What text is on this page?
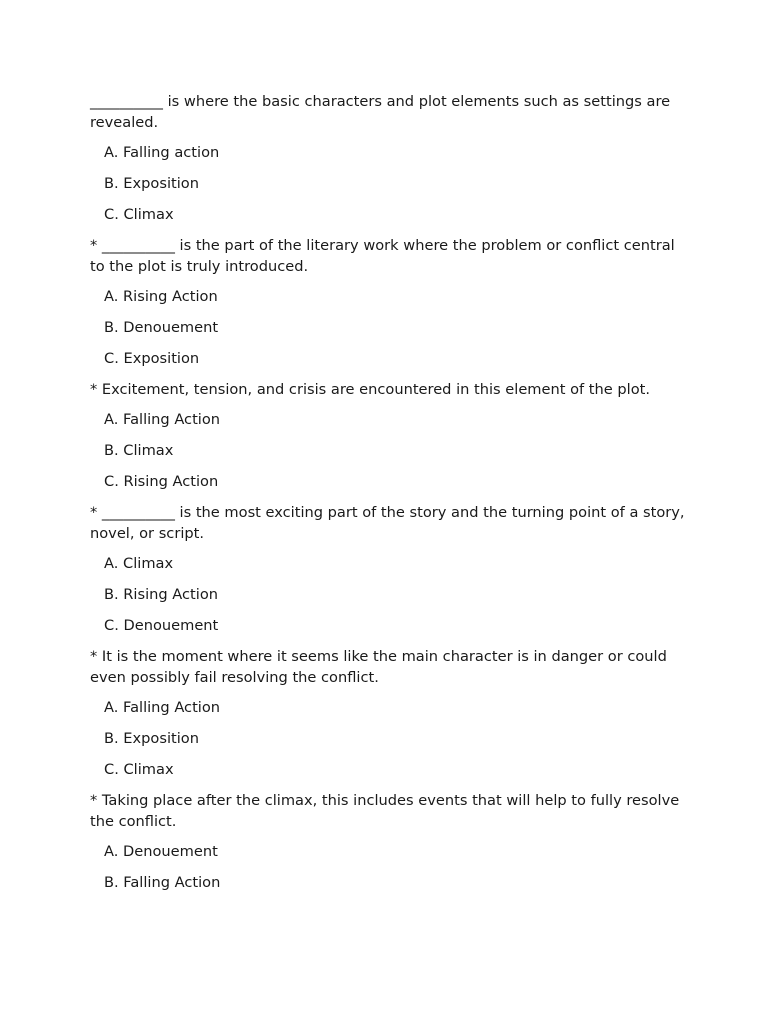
__________ is where the basic characters and plot elements such as settings are revealed.

A. Falling action
B. Exposition
C. Climax

* __________ is the part of the literary work where the problem or conflict central to the plot is truly introduced.

A. Rising Action
B. Denouement
C. Exposition

* Excitement, tension, and crisis are encountered in this element of the plot.

A. Falling Action
B. Climax
C. Rising Action

* __________ is the most exciting part of the story and the turning point of a story, novel, or script.

A. Climax
B. Rising Action
C. Denouement

* It is the moment where it seems like the main character is in danger or could even possibly fail resolving the conflict.

A. Falling Action
B. Exposition
C. Climax

* Taking place after the climax, this includes events that will help to fully resolve the conflict.

A. Denouement
B. Falling Action
